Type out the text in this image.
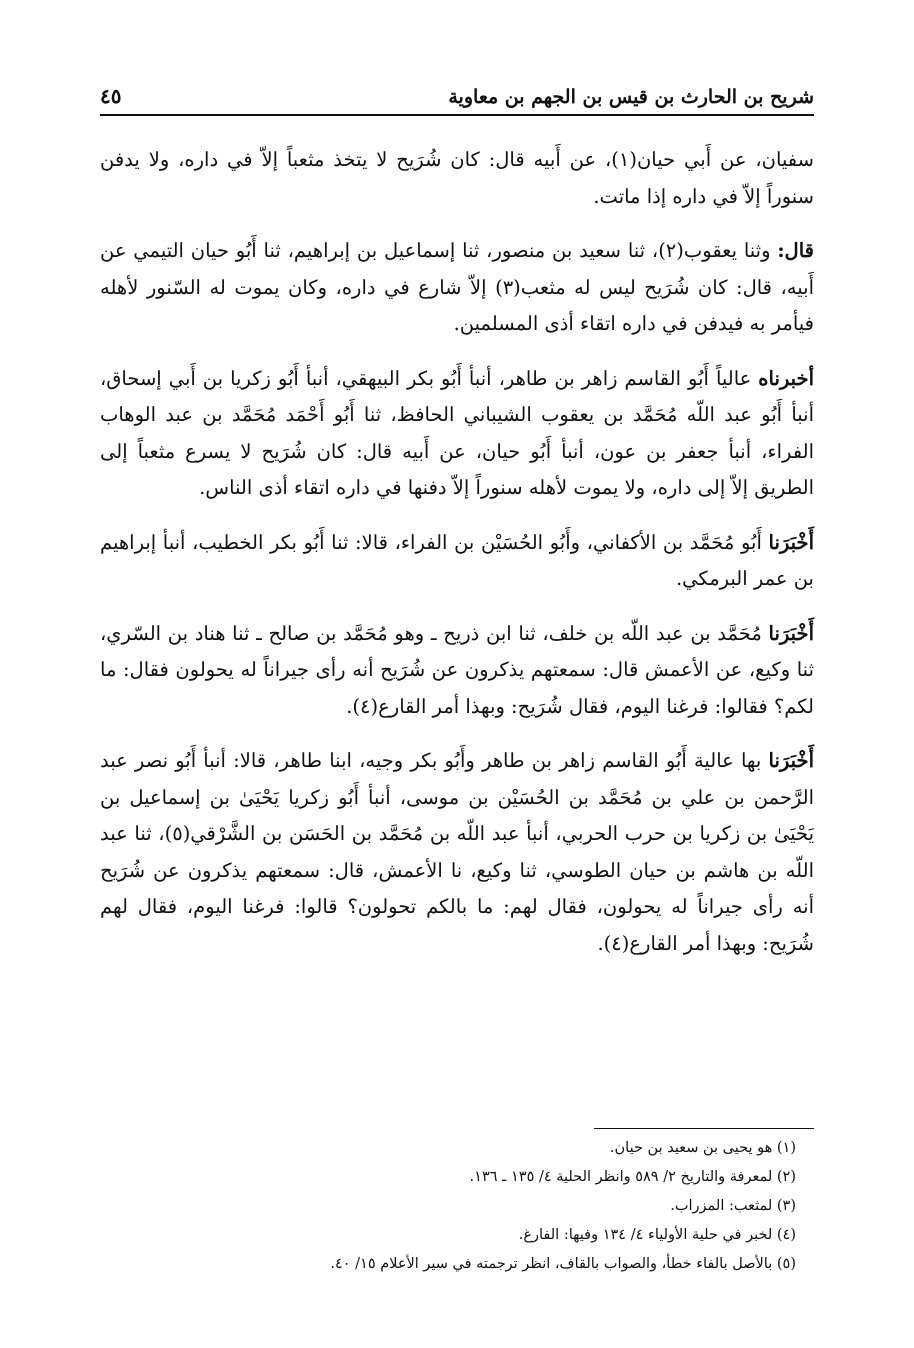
شريح بن الحارث بن قيس بن الجهم بن معاوية
٤٥

سفيان، عن أَبي حيان(١)، عن أَبيه قال: كان شُرَيح لا يتخذ مثعباً إلاّ في داره، ولا يدفن سنوراً إلاّ في داره إذا ماتت.

قال: وثنا يعقوب(٢)، ثنا سعيد بن منصور، ثنا إسماعيل بن إبراهيم، ثنا أَبُو حيان التيمي عن أَبيه، قال: كان شُرَيح ليس له مثعب(٣) إلاّ شارع في داره، وكان يموت له السّنور لأهله فيأمر به فيدفن في داره اتقاء أذى المسلمين.

أخبرناه عالياً أَبُو القاسم زاهر بن طاهر، أنبأ أَبُو بكر البيهقي، أنبأ أَبُو زكريا بن أَبي إسحاق، أنبأ أَبُو عبد اللّه مُحَمَّد بن يعقوب الشيباني الحافظ، ثنا أَبُو أَحْمَد مُحَمَّد بن عبد الوهاب الفراء، أنبأ جعفر بن عون، أنبأ أَبُو حيان، عن أَبيه قال: كان شُرَيح لا يسرع مثعباً إلى الطريق إلاّ إلى داره، ولا يموت لأهله سنوراً إلاّ دفنها في داره اتقاء أذى الناس.

أَخْبَرَنا أَبُو مُحَمَّد بن الأكفاني، وأَبُو الحُسَيْن بن الفراء، قالا: ثنا أَبُو بكر الخطيب، أنبأ إبراهيم بن عمر البرمكي.

أَخْبَرَنا مُحَمَّد بن عبد اللّه بن خلف، ثنا ابن ذريح ـ وهو مُحَمَّد بن صالح ـ ثنا هناد بن السّري، ثنا وكيع، عن الأعمش قال: سمعتهم يذكرون عن شُرَيح أنه رأى جيراناً له يحولون فقال: ما لكم؟ فقالوا: فرغنا اليوم، فقال شُرَيح: وبهذا أمر القارع(٤).

أَخْبَرَنا بها عالية أَبُو القاسم زاهر بن طاهر وأَبُو بكر وجيه، ابنا طاهر، قالا: أنبأ أَبُو نصر عبد الرَّحمن بن علي بن مُحَمَّد بن الحُسَيْن بن موسى، أنبأ أَبُو زكريا يَحْيَىٰ بن إسماعيل بن يَحْيَىٰ بن زكريا بن حرب الحربي، أنبأ عبد اللّه بن مُحَمَّد بن الحَسَن بن الشَّرْقي(٥)، ثنا عبد اللّه بن هاشم بن حيان الطوسي، ثنا وكيع، نا الأعمش، قال: سمعتهم يذكرون عن شُرَيح أنه رأى جيراناً له يحولون، فقال لهم: ما بالكم تحولون؟ قالوا: فرغنا اليوم، فقال لهم شُرَيح: وبهذا أمر القارع(٤).

(١) هو يحيى بن سعيد بن حيان.
(٢) لمعرفة والتاريخ ٢/ ٥٨٩ وانظر الحلية ٤/ ١٣٥ ـ ١٣٦.
(٣) لمثعب: المزراب.
(٤) لخبر في حلية الأولياء ٤/ ١٣٤ وفيها: الفارغ.
(٥) بالأصل بالفاء خطأ، والصواب بالقاف، انظر ترجمته في سير الأعلام ١٥/ ٤٠.
